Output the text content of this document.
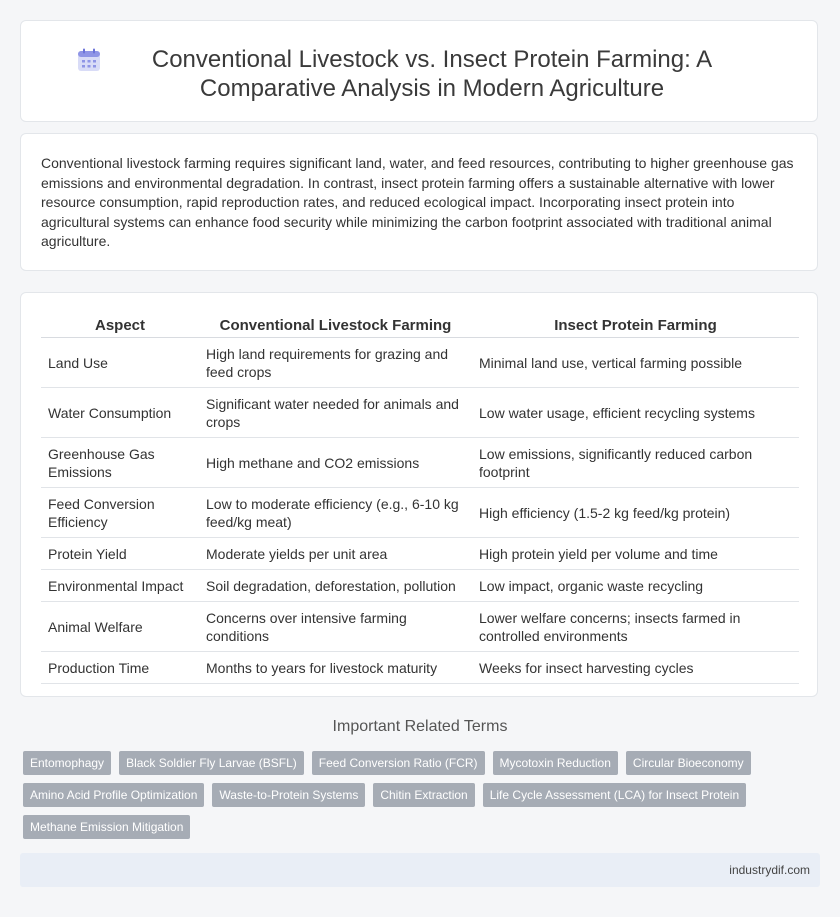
Conventional Livestock vs. Insect Protein Farming: A Comparative Analysis in Modern Agriculture

Conventional livestock farming requires significant land, water, and feed resources, contributing to higher greenhouse gas emissions and environmental degradation. In contrast, insect protein farming offers a sustainable alternative with lower resource consumption, rapid reproduction rates, and reduced ecological impact. Incorporating insect protein into agricultural systems can enhance food security while minimizing the carbon footprint associated with traditional animal agriculture.

Aspect	Conventional Livestock Farming	Insect Protein Farming
Land Use	High land requirements for grazing and feed crops	Minimal land use, vertical farming possible
Water Consumption	Significant water needed for animals and crops	Low water usage, efficient recycling systems
Greenhouse Gas Emissions	High methane and CO2 emissions	Low emissions, significantly reduced carbon footprint
Feed Conversion Efficiency	Low to moderate efficiency (e.g., 6-10 kg feed/kg meat)	High efficiency (1.5-2 kg feed/kg protein)
Protein Yield	Moderate yields per unit area	High protein yield per volume and time
Environmental Impact	Soil degradation, deforestation, pollution	Low impact, organic waste recycling
Animal Welfare	Concerns over intensive farming conditions	Lower welfare concerns; insects farmed in controlled environments
Production Time	Months to years for livestock maturity	Weeks for insect harvesting cycles
Important Related Terms
Entomophagy	Black Soldier Fly Larvae (BSFL)	Feed Conversion Ratio (FCR)	Mycotoxin Reduction	Circular Bioeconomy
Amino Acid Profile Optimization	Waste-to-Protein Systems	Chitin Extraction	Life Cycle Assessment (LCA) for Insect Protein
Methane Emission Mitigation
industrydif.com
